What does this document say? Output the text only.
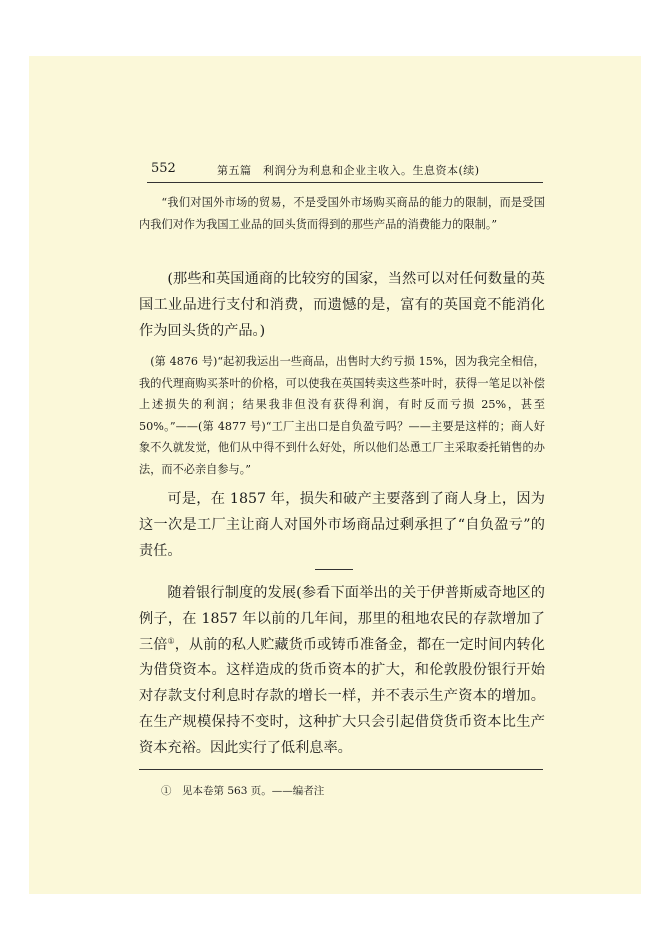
552	第五篇　利润分为利息和企业主收入。生息资本(续)

“我们对国外市场的贸易，不是受国外市场购买商品的能力的限制，而是受国内我们对作为我国工业品的回头货而得到的那些产品的消费能力的限制。”

(那些和英国通商的比较穷的国家，当然可以对任何数量的英国工业品进行支付和消费，而遗憾的是，富有的英国竟不能消化作为回头货的产品。)

(第 4876 号)“起初我运出一些商品，出售时大约亏损 15%，因为我完全相信，我的代理商购买茶叶的价格，可以使我在英国转卖这些茶叶时，获得一笔足以补偿上述损失的利润；结果我非但没有获得利润，有时反而亏损 25%，甚至 50%。”——(第 4877 号)“工厂主出口是自负盈亏吗？——主要是这样的；商人好象不久就发觉，他们从中得不到什么好处，所以他们怂恿工厂主采取委托销售的办法，而不必亲自参与。”

可是，在 1857 年，损失和破产主要落到了商人身上，因为这一次是工厂主让商人对国外市场商品过剩承担了“自负盈亏”的责任。

随着银行制度的发展(参看下面举出的关于伊普斯威奇地区的例子，在 1857 年以前的几年间，那里的租地农民的存款增加了三倍①，从前的私人贮藏货币或铸币准备金，都在一定时间内转化为借贷资本。这样造成的货币资本的扩大，和伦敦股份银行开始对存款支付利息时存款的增长一样，并不表示生产资本的增加。在生产规模保持不变时，这种扩大只会引起借贷货币资本比生产资本充裕。因此实行了低利息率。

①　见本卷第 563 页。——编者注
